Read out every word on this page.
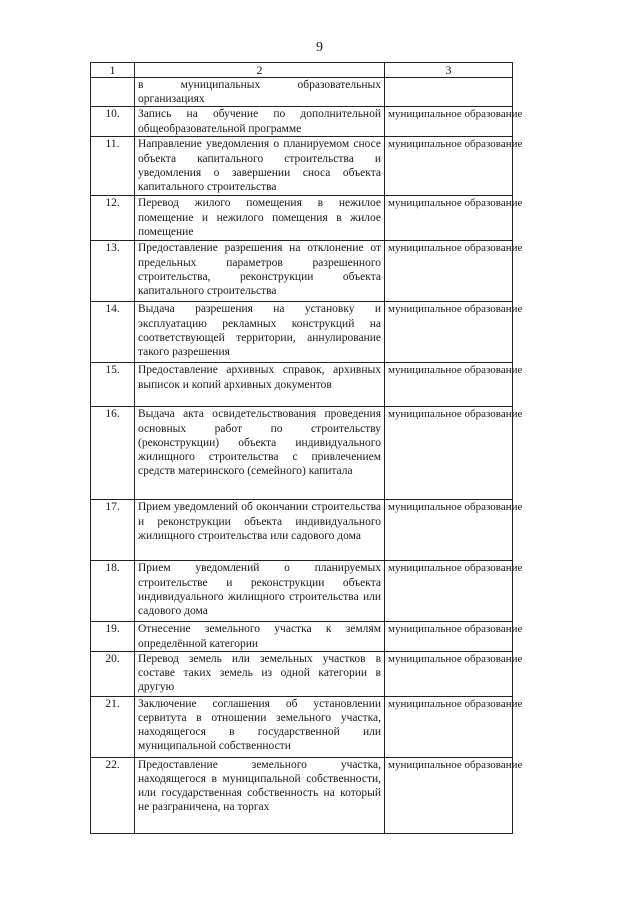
9
1	2	3
	в муниципальных образовательных организациях	
10.	Запись на обучение по дополнительной общеобразовательной программе	муниципальное образование
11.	Направление уведомления о планируемом сносе объекта капитального строительства и уведомления о завершении сноса объекта капитального строительства	муниципальное образование
12.	Перевод жилого помещения в нежилое помещение и нежилого помещения в жилое помещение	муниципальное образование
13.	Предоставление разрешения на отклонение от предельных параметров разрешенного строительства, реконструкции объекта капитального строительства	муниципальное образование
14.	Выдача разрешения на установку и эксплуатацию рекламных конструкций на соответствующей территории, аннулирование такого разрешения	муниципальное образование
15.	Предоставление архивных справок, архивных выписок и копий архивных документов	муниципальное образование
16.	Выдача акта освидетельствования проведения основных работ по строительству (реконструкции) объекта индивидуального жилищного строительства с привлечением средств материнского (семейного) капитала	муниципальное образование
17.	Прием уведомлений об окончании строительства и реконструкции объекта индивидуального жилищного строительства или садового дома	муниципальное образование
18.	Прием уведомлений о планируемых строительстве и реконструкции объекта индивидуального жилищного строительства или садового дома	муниципальное образование
19.	Отнесение земельного участка к землям определённой категории	муниципальное образование
20.	Перевод земель или земельных участков в составе таких земель из одной категории в другую	муниципальное образование
21.	Заключение соглашения об установлении сервитута в отношении земельного участка, находящегося в государственной или муниципальной собственности	муниципальное образование
22.	Предоставление земельного участка, находящегося в муниципальной собственности, или государственная собственность на который не разграничена, на торгах	муниципальное образование
